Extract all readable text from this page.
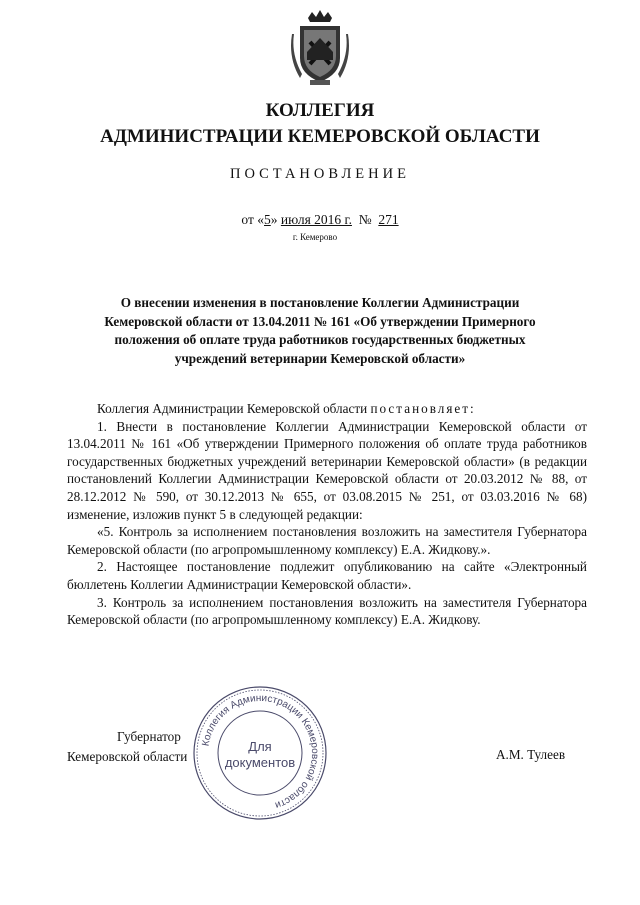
КОЛЛЕГИЯ
АДМИНИСТРАЦИИ КЕМЕРОВСКОЙ ОБЛАСТИ
ПОСТАНОВЛЕНИЕ
от «5» июля 2016 г. № 271
г. Кемерово
О внесении изменения в постановление Коллегии Администрации Кемеровской области от 13.04.2011 № 161 «Об утверждении Примерного положения об оплате труда работников государственных бюджетных учреждений ветеринарии Кемеровской области»

Коллегия Администрации Кемеровской области постановляет:

1. Внести в постановление Коллегии Администрации Кемеровской области от 13.04.2011 № 161 «Об утверждении Примерного положения об оплате труда работников государственных бюджетных учреждений ветеринарии Кемеровской области» (в редакции постановлений Коллегии Администрации Кемеровской области от 20.03.2012 № 88, от 28.12.2012 № 590, от 30.12.2013 № 655, от 03.08.2015 № 251, от 03.03.2016 № 68) изменение, изложив пункт 5 в следующей редакции:

«5. Контроль за исполнением постановления возложить на заместителя Губернатора Кемеровской области (по агропромышленному комплексу) Е.А. Жидкову.».

2. Настоящее постановление подлежит опубликованию на сайте «Электронный бюллетень Коллегии Администрации Кемеровской области».

3. Контроль за исполнением постановления возложить на заместителя Губернатора Кемеровской области (по агропромышленному комплексу) Е.А. Жидкову.

Губернатор
Кемеровской области	А.М. Тулеев
Коллегия Администрации Кемеровской области
Для
документов
